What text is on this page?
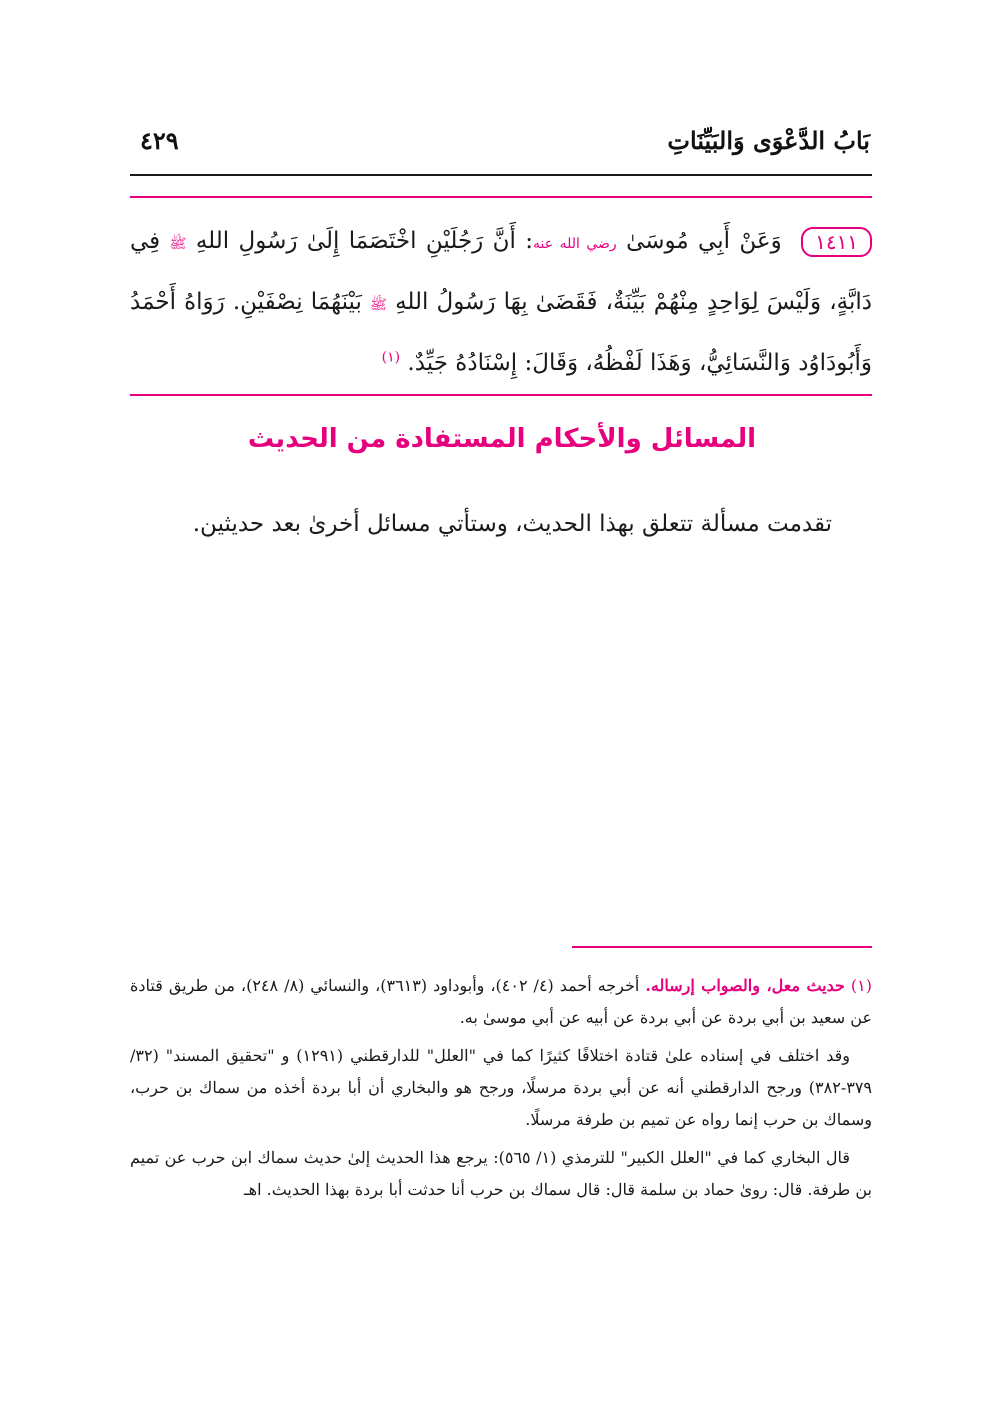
بَابُ الدَّعْوَى وَالبَيِّنَاتِ
٤٢٩
١٤١١ وَعَنْ أَبِي مُوسَىٰ رضي الله عنه: أَنَّ رَجُلَيْنِ اخْتَصَمَا إِلَىٰ رَسُولِ اللهِ ﷺ فِي دَابَّةٍ، وَلَيْسَ لِوَاحِدٍ مِنْهُمْ بَيِّنَةٌ، فَقَضَىٰ بِهَا رَسُولُ اللهِ ﷺ بَيْنَهُمَا نِصْفَيْنِ. رَوَاهُ أَحْمَدُ وَأَبُودَاوُد وَالنَّسَائِيُّ، وَهَذَا لَفْظُهُ، وَقَالَ: إِسْنَادُهُ جَيِّدٌ. $^{(١)}$
المسائل والأحكام المستفادة من الحديث
تقدمت مسألة تتعلق بهذا الحديث، وستأتي مسائل أخرىٰ بعد حديثين.

(١) حديث معل، والصواب إرساله. أخرجه أحمد (٤/ ٤٠٢)، وأبوداود (٣٦١٣)، والنسائي (٨/ ٢٤٨)، من طريق قتادة عن سعيد بن أبي بردة عن أبي بردة عن أبيه عن أبي موسىٰ به.

وقد اختلف في إسناده علىٰ قتادة اختلافًا كثيرًا كما في "العلل" للدارقطني (١٢٩١) و "تحقيق المسند" (٣٢/ ٣٧٩-٣٨٢) ورجح الدارقطني أنه عن أبي بردة مرسلًا، ورجح هو والبخاري أن أبا بردة أخذه من سماك بن حرب، وسماك بن حرب إنما رواه عن تميم بن طرفة مرسلًا.

قال البخاري كما في "العلل الكبير" للترمذي (١/ ٥٦٥): يرجع هذا الحديث إلىٰ حديث سماك ابن حرب عن تميم بن طرفة. قال: روىٰ حماد بن سلمة قال: قال سماك بن حرب أنا حدثت أبا بردة بهذا الحديث. اهـ
